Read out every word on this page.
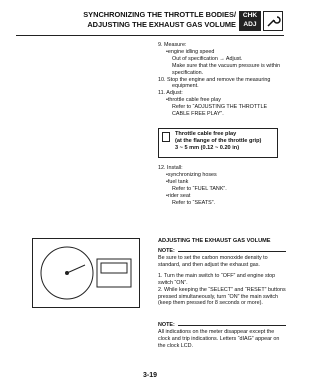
SYNCHRONIZING THE THROTTLE BODIES/
ADJUSTING THE EXHAUST GAS VOLUME
CHK
ADJ

9. Measure:

•engine idling speed

Out of specification → Adjust.

Make sure that the vacuum pressure is within

specification.

10. Stop the engine and remove the measuring

equipment.

11. Adjust:

•throttle cable free play

Refer to “ADJUSTING THE THROTTLE

CABLE FREE PLAY”.

Throttle cable free play
(at the flange of the throttle grip)
3 ~ 5 mm (0.12 ~ 0.20 in)

12. Install:

•synchronizing hoses

•fuel tank

Refer to “FUEL TANK”.

•rider seat

Refer to “SEATS”.

ADJUSTING THE EXHAUST GAS VOLUME
NOTE:

Be sure to set the carbon monoxide density to standard, and then adjust the exhaust gas.

1. Turn the main switch to “OFF” and engine stop switch “ON”.

2. While keeping the “SELECT” and “RESET” buttons pressed simultaneously, turn “ON” the main switch (keep them pressed for 8 seconds or more).

NOTE:

All indications on the meter disappear except the clock and trip indications. Letters “dIAG” appear on the clock LCD.

3-19
